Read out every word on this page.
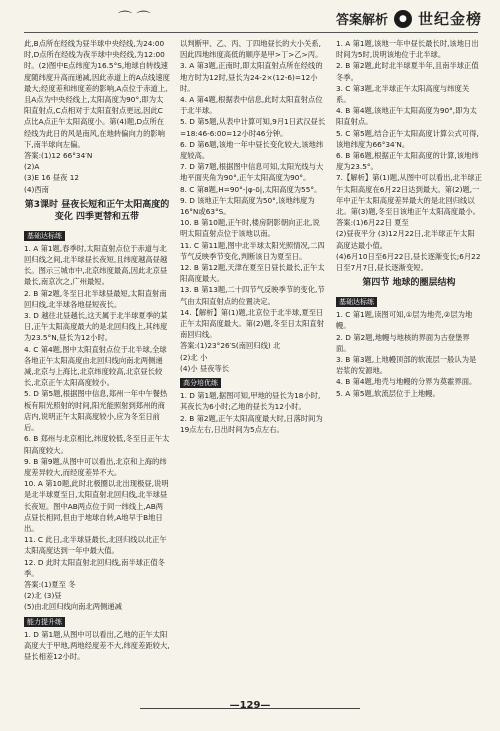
⌒ ⌒	答案解析	● 世纪金榜

此,B点所在经线为昼半球中央经线,为24:00时,D点所在经线为夜半球中央经线,为12:00时。(2)图中E点纬度为16.5°S,地球自转线速度随纬度升高而递减,因此赤道上的A点线速度最大;经度差和纬度差的影响,A点位于赤道上,且A点为中央经线上,太阳高度为90°,即为太阳直射点,C点相对于太阳直射点更远,因此C点比A点正午太阳高度小。第(4)题,D点所在经线为此日的风是南风,在地转偏向力的影响下,南半球向左偏。

答案:(1)12 66°34′N

(2)A

(3)E 16 昼夜 12

(4)西南

第3课时 昼夜长短和正午太阳高度的变化 四季更替和五带
基础达标练

1. A 第1题,春季时,太阳直射点位于赤道与北回归线之间,北半球昼长夜短,且纬度越高昼越长。图示三城市中,北京纬度最高,因此北京昼最长,南京次之,广州最短。

2. B 第2题,冬至日北半球昼最短,太阳直射南回归线,北半球各地昼短夜长。

3. D 越往北昼越长,这天属于北半球夏季的某日,正午太阳高度最大的是北回归线上,其纬度为23.5°N,昼长为12小时。

4. C 第4题,图中太阳直射点位于北半球,全球各地正午太阳高度由北回归线向南北两侧递减,北京与上海比,北京纬度较高,北京昼长较长,北京正午太阳高度较小。

5. D 第5题,根据图中信息,郑州一年中午餐热板有阳光照射的时间,阳光能照射到郑州的商店内,说明正午太阳高度较小,应为冬至日前后。

6. B 郑州与北京相比,纬度较低,冬至日正午太阳高度较大。

9. B 第9题,从图中可以看出,北京和上海的纬度差异较大,而经度差异不大。

10. A 第10题,此时北极圈以北出现极昼,说明是北半球夏至日,太阳直射北回归线,北半球昼长夜短。图中AB两点位于同一纬线上,AB两点昼长相同,但由于地球自转,A地早于B地日出。

11. C 此日,北半球昼最长,北回归线以北正午太阳高度达到一年中最大值。

12. D 此时太阳直射北回归线,南半球正值冬季。

答案:(1)夏至 冬

(2)北 (3)昼

(5)由北回归线向南北两侧递减

能力提升练

1. D 第1题,从图中可以看出,乙地的正午太阳高度大于甲地,两地经度差不大,纬度差距较大,昼长相差12小时。

以判断甲、乙、丙、丁四地昼长的大小关系,因此四地纬度高低的顺序是甲>丁>乙>丙。

3. A 第3题,正南时,即太阳直射点所在经线的地方时为12时,昼长为24-2×(12-6)=12小时。

4. A 第4题,根据表中信息,此时太阳直射点位于北半球。

5. D 第5题,从表中计算可知,9月1日武汉昼长=18:46-6:00=12小时46分钟。

6. D 第6题,该地一年中昼长变化较大,该地纬度较高。

7. D 第7题,根据图中信息可知,太阳光线与大地平面夹角为90°,正午太阳高度为90°。

8. C 第8题,H=90°-|φ-δ|,太阳高度为55°。

9. D 该地正午太阳高度为50°,该地纬度为16°N或63°S。

10. B 第10题,正午时,楼房阴影朝向正北,说明太阳直射点位于该地以南。

11. C 第11题,图中北半球太阳光照情况,二四节气反映季节变化,判断该日为夏至日。

12. B 第12题,天津在夏至日昼长最长,正午太阳高度最大。

13. B 第13题,二十四节气反映季节的变化,节气由太阳直射点的位置决定。

14.【解析】第(1)题,北京位于北半球,夏至日正午太阳高度最大。第(2)题,冬至日太阳直射南回归线。

答案:(1)23°26′S(南回归线) 北

(2)北 小

(4)小 昼夜等长

高分培优练

1. D 第1题,据图可知,甲地的昼长为18小时,其夜长为6小时;乙地的昼长为12小时。

2. B 第2题,正午太阳高度最大时,日落时间为19点左右,日出时间为5点左右。

1. A 第1题,该地一年中昼长最长时,该地日出时间为5时,说明该地位于北半球。

2. B 第2题,此时北半球夏半年,且南半球正值冬季。

3. C 第3题,北半球正午太阳高度与纬度关系。

4. B 第4题,该地正午太阳高度为90°,即为太阳直射点。

5. C 第5题,结合正午太阳高度计算公式可得,该地纬度为66°34′N。

6. B 第6题,根据正午太阳高度的计算,该地纬度为23.5°。

7.【解析】第(1)题,从图中可以看出,北半球正午太阳高度在6月22日达到最大。第(2)题,一年中正午太阳高度差异最大的是北回归线以北。第(3)题,冬至日该地正午太阳高度最小。

答案:(1)6月22日 夏至

(2)昼夜平分 (3)12月22日,北半球正午太阳高度达最小值。

(4)6月10日至6月22日,昼长逐渐变长;6月22日至7月7日,昼长逐渐变短。

第四节 地球的圈层结构
基础达标练

1. C 第1题,读图可知,①层为地壳,②层为地幔。

2. D 第2题,地幔与地核的界面为古登堡界面。

3. B 第3题,上地幔顶部的软流层一般认为是岩浆的发源地。

4. B 第4题,地壳与地幔的分界为莫霍界面。

5. A 第5题,软流层位于上地幔。

—129—
